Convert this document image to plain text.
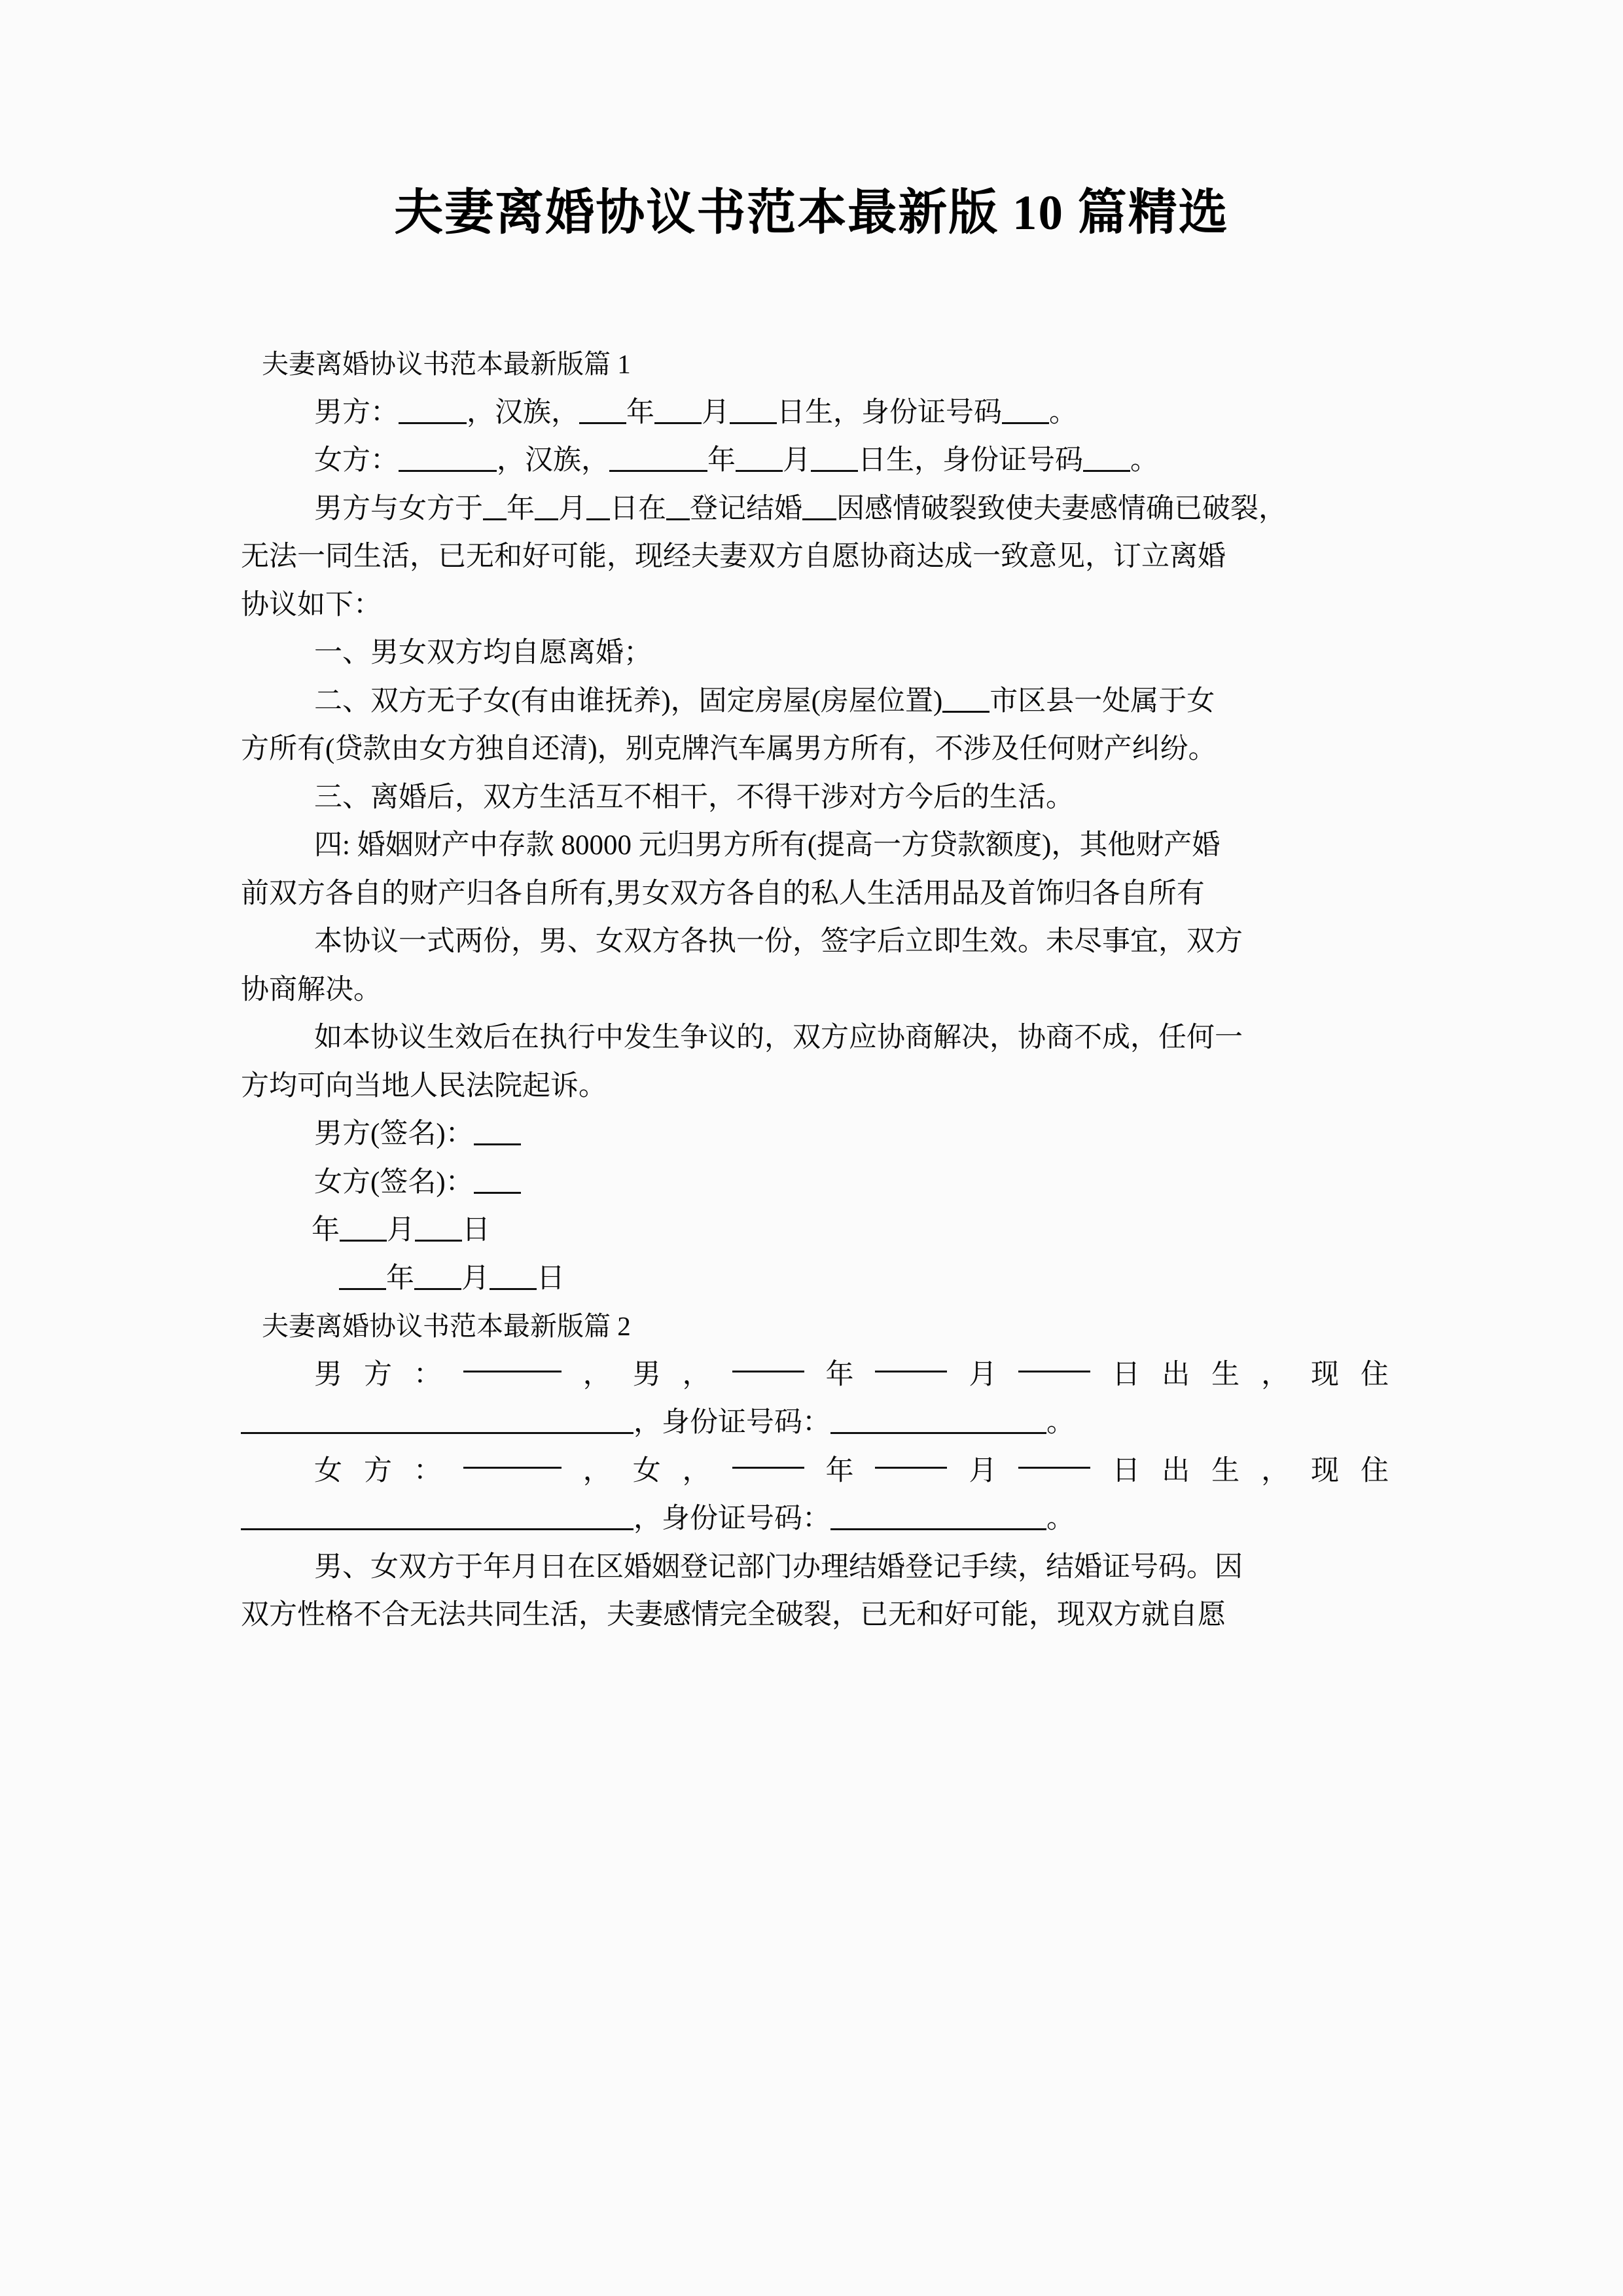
夫妻离婚协议书范本最新版 10 篇精选
夫妻离婚协议书范本最新版篇 1
男方： ，汉族， 年 月 日生，身份证号码 。
女方：	，汉族，	年 月 日生，身份证号码 。
男方与女方于 年 月 日在 登记结婚 因感情破裂致使夫妻感情确已破裂，
无法一同生活，已无和好可能，现经夫妻双方自愿协商达成一致意见，订立离婚
协议如下：
一、男女双方均自愿离婚；
二、双方无子女(有由谁抚养)，固定房屋(房屋位置) 市区县一处属于女
方所有(贷款由女方独自还清)，别克牌汽车属男方所有，不涉及任何财产纠纷。
三、离婚后，双方生活互不相干，不得干涉对方今后的生活。
四: 婚姻财产中存款 80000 元归男方所有(提高一方贷款额度)，其他财产婚
前双方各自的财产归各自所有,男女双方各自的私人生活用品及首饰归各自所有
本协议一式两份，男、女双方各执一份，签字后立即生效。未尽事宜，双方
协商解决。
如本协议生效后在执行中发生争议的，双方应协商解决，协商不成，任何一
方均可向当地人民法院起诉。
男方(签名)：
女方(签名)：
年 月 日
年 月 日
夫妻离婚协议书范本最新版篇 2
男 方 ：	， 男 ，	年	月	日 出 生 ， 现 住
，身份证号码：	。
女 方 ：	， 女 ，	年	月	日 出 生 ， 现 住
，身份证号码：	。
男、女双方于年月日在区婚姻登记部门办理结婚登记手续，结婚证号码。因
双方性格不合无法共同生活，夫妻感情完全破裂，已无和好可能，现双方就自愿
